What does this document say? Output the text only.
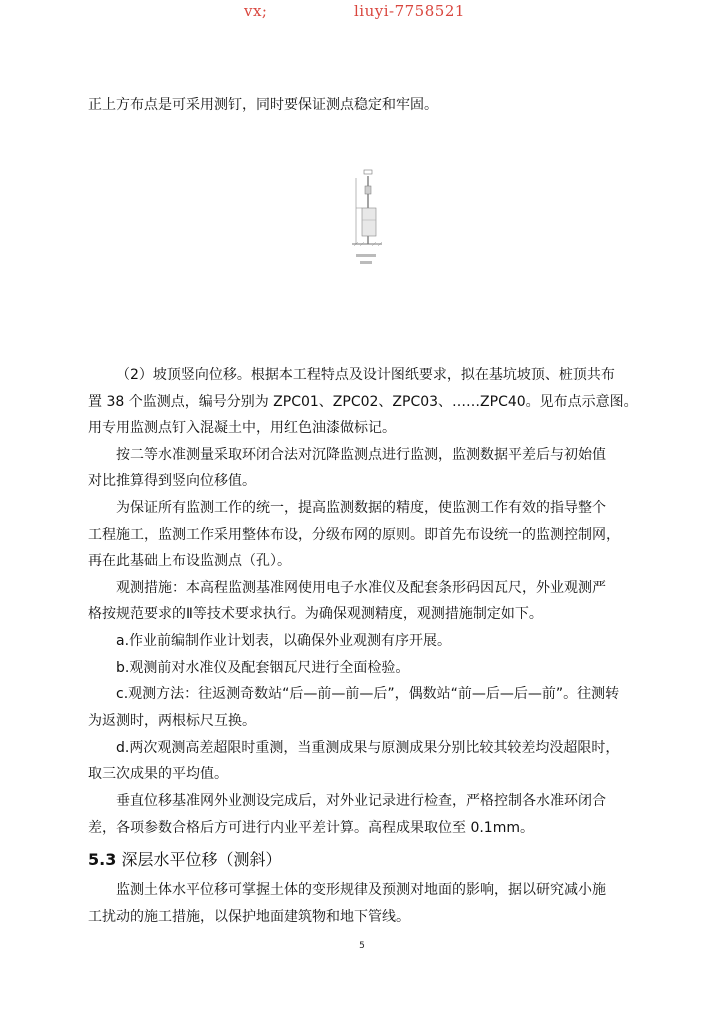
vx;	liuyi-7758521
正上方布点是可采用测钉，同时要保证测点稳定和牢固。
（2）坡顶竖向位移。根据本工程特点及设计图纸要求，拟在基坑坡顶、桩顶共布
置 38 个监测点，编号分别为 ZPC01、ZPC02、ZPC03、……ZPC40。见布点示意图。
用专用监测点钉入混凝土中，用红色油漆做标记。
按二等水准测量采取环闭合法对沉降监测点进行监测，监测数据平差后与初始值
对比推算得到竖向位移值。
为保证所有监测工作的统一，提高监测数据的精度，使监测工作有效的指导整个
工程施工，监测工作采用整体布设，分级布网的原则。即首先布设统一的监测控制网，
再在此基础上布设监测点（孔）。
观测措施：本高程监测基准网使用电子水准仪及配套条形码因瓦尺，外业观测严
格按规范要求的Ⅱ等技术要求执行。为确保观测精度，观测措施制定如下。
a.作业前编制作业计划表，以确保外业观测有序开展。
b.观测前对水准仪及配套铟瓦尺进行全面检验。
c.观测方法：往返测奇数站“后—前—前—后”，偶数站“前—后—后—前”。往测转
为返测时，两根标尺互换。
d.两次观测高差超限时重测，当重测成果与原测成果分别比较其较差均没超限时，
取三次成果的平均值。
垂直位移基准网外业测设完成后，对外业记录进行检查，严格控制各水准环闭合
差，各项参数合格后方可进行内业平差计算。高程成果取位至 0.1mm。
5.3 深层水平位移（测斜）
监测土体水平位移可掌握土体的变形规律及预测对地面的影响，据以研究减小施
工扰动的施工措施，以保护地面建筑物和地下管线。
5
